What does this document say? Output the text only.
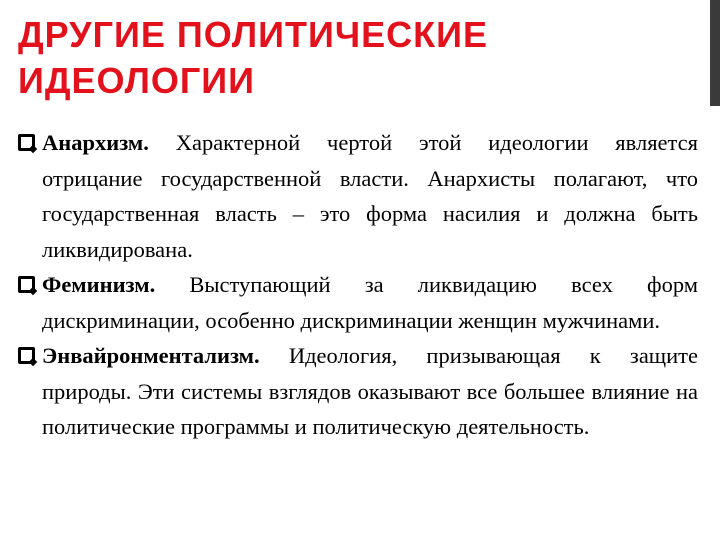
ДРУГИЕ ПОЛИТИЧЕСКИЕ ИДЕОЛОГИИ

Анархизм. Характерной чертой этой идеологии является отрицание государственной власти. Анархисты полагают, что государственная власть – это форма насилия и должна быть ликвидирована.

Феминизм. Выступающий за ликвидацию всех форм дискриминации, особенно дискриминации женщин мужчинами.

Энвайронментализм. Идеология, призывающая к защите природы. Эти системы взглядов оказывают все большее влияние на политические программы и политическую деятельность.
